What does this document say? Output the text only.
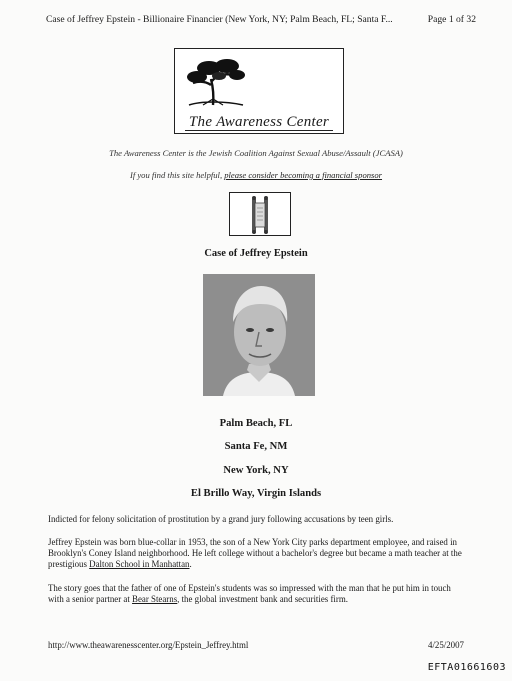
Case of Jeffrey Epstein - Billionaire Financier (New York, NY; Palm Beach, FL; Santa F...	Page 1 of 32
The Awareness Center
The Awareness Center is the Jewish Coalition Against Sexual Abuse/Assault (JCASA)
If you find this site helpful, please consider becoming a financial sponsor
Case of Jeffrey Epstein
Palm Beach, FL
Santa Fe, NM
New York, NY
El Brillo Way, Virgin Islands
Indicted for felony solicitation of prostitution by a grand jury following accusations by teen girls.
Jeffrey Epstein was born blue-collar in 1953, the son of a New York City parks department employee, and raised in Brooklyn's Coney Island neighborhood. He left college without a bachelor's degree but became a math teacher at the prestigious Dalton School in Manhattan.
The story goes that the father of one of Epstein's students was so impressed with the man that he put him in touch with a senior partner at Bear Stearns, the global investment bank and securities firm.
http://www.theawarenesscenter.org/Epstein_Jeffrey.html	4/25/2007
EFTA01661603
